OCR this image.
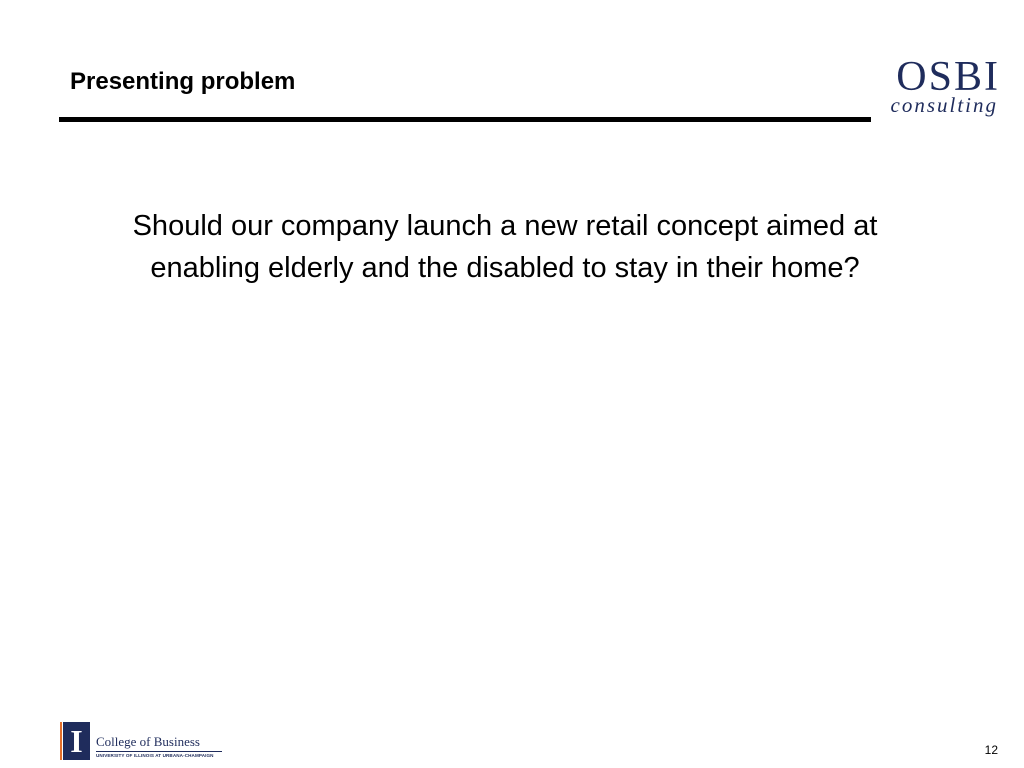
Presenting problem	OSBI
consulting
Should our company launch a new retail concept aimed at enabling elderly and the disabled to stay in their home?
I	College of Business
UNIVERSITY OF ILLINOIS AT URBANA-CHAMPAIGN	12
